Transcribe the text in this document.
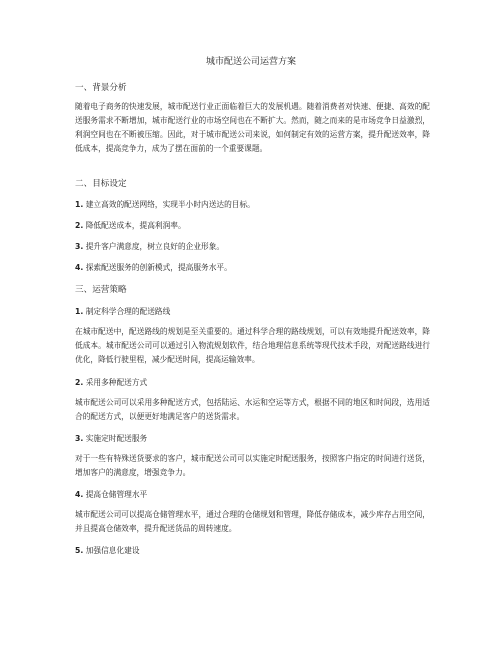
城市配送公司运营方案
一、背景分析

随着电子商务的快速发展，城市配送行业正面临着巨大的发展机遇。随着消费者对快速、便捷、高效的配送服务需求不断增加，城市配送行业的市场空间也在不断扩大。然而，随之而来的是市场竞争日益激烈，利润空间也在不断被压缩。因此，对于城市配送公司来说，如何制定有效的运营方案，提升配送效率，降低成本，提高竞争力，成为了摆在面前的一个重要课题。

二、目标设定
1. 建立高效的配送网络，实现半小时内送达的目标。
2. 降低配送成本，提高利润率。
3. 提升客户满意度，树立良好的企业形象。
4. 探索配送服务的创新模式，提高服务水平。
三、运营策略
1. 制定科学合理的配送路线

在城市配送中，配送路线的规划是至关重要的。通过科学合理的路线规划，可以有效地提升配送效率，降低成本。城市配送公司可以通过引入物流规划软件，结合地理信息系统等现代技术手段，对配送路线进行优化，降低行驶里程，减少配送时间，提高运输效率。

2. 采用多种配送方式

城市配送公司可以采用多种配送方式，包括陆运、水运和空运等方式，根据不同的地区和时间段，选用适合的配送方式，以便更好地满足客户的送货需求。

3. 实施定时配送服务

对于一些有特殊送货要求的客户，城市配送公司可以实施定时配送服务，按照客户指定的时间进行送货，增加客户的满意度，增强竞争力。

4. 提高仓储管理水平

城市配送公司可以提高仓储管理水平，通过合理的仓储规划和管理，降低存储成本，减少库存占用空间，并且提高仓储效率，提升配送货品的周转速度。

5. 加强信息化建设
